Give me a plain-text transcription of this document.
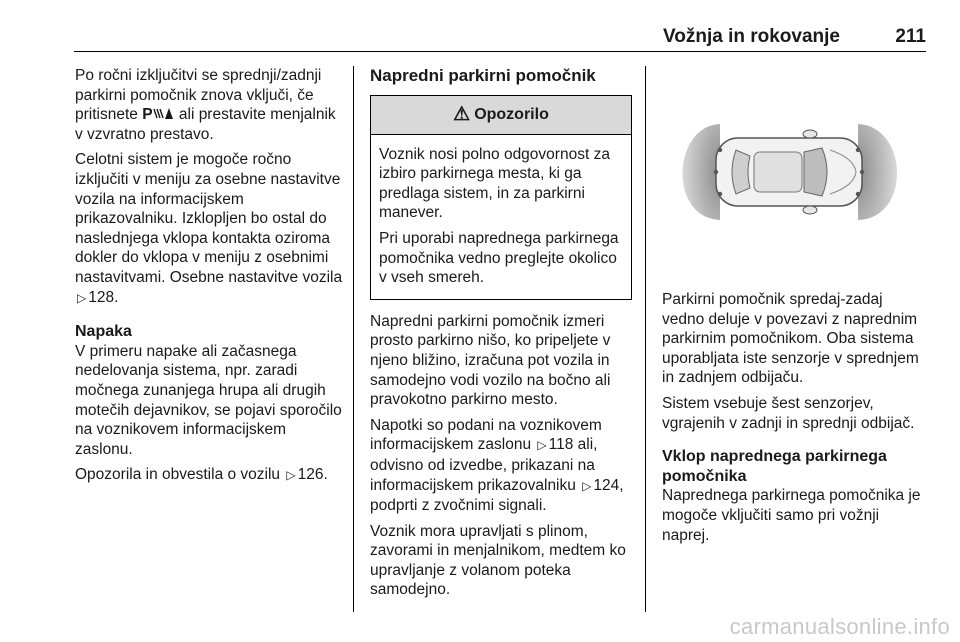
Vožnja in rokovanje	211

Po ročni izključitvi se sprednji/zadnji parkirni pomočnik znova vključi, če pritisnete P ali prestavite menjalnik v vzvratno prestavo.

Celotni sistem je mogoče ročno izključiti v meniju za osebne nastavitve vozila na informacijskem prikazovalniku. Izklopljen bo ostal do naslednjega vklopa kontakta oziroma dokler do vklopa v meniju z osebnimi nastavitvami. Osebne nastavitve vozila ▷ 128.

Napaka

V primeru napake ali začasnega nedelovanja sistema, npr. zaradi močnega zunanjega hrupa ali drugih motečih dejavnikov, se pojavi sporočilo na voznikovem informacijskem zaslonu.

Opozorila in obvestila o vozilu ▷ 126.

Napredni parkirni pomočnik
⚠ Opozorilo

Voznik nosi polno odgovornost za izbiro parkirnega mesta, ki ga predlaga sistem, in za parkirni manever.

Pri uporabi naprednega parkirnega pomočnika vedno preglejte okolico v vseh smereh.

Napredni parkirni pomočnik izmeri prosto parkirno nišo, ko pripeljete v njeno bližino, izračuna pot vozila in samodejno vodi vozilo na bočno ali pravokotno parkirno mesto.

Napotki so podani na voznikovem informacijskem zaslonu ▷ 118 ali, odvisno od izvedbe, prikazani na informacijskem prikazovalniku ▷ 124, podprti z zvočnimi signali.

Voznik mora upravljati s plinom, zavorami in menjalnikom, medtem ko upravljanje z volanom poteka samodejno.

Parkirni pomočnik spredaj-zadaj vedno deluje v povezavi z naprednim parkirnim pomočnikom. Oba sistema uporabljata iste senzorje v sprednjem in zadnjem odbijaču.

Sistem vsebuje šest senzorjev, vgrajenih v zadnji in sprednji odbijač.

Vklop naprednega parkirnega pomočnika

Naprednega parkirnega pomočnika je mogoče vključiti samo pri vožnji naprej.

carmanualsonline.info
